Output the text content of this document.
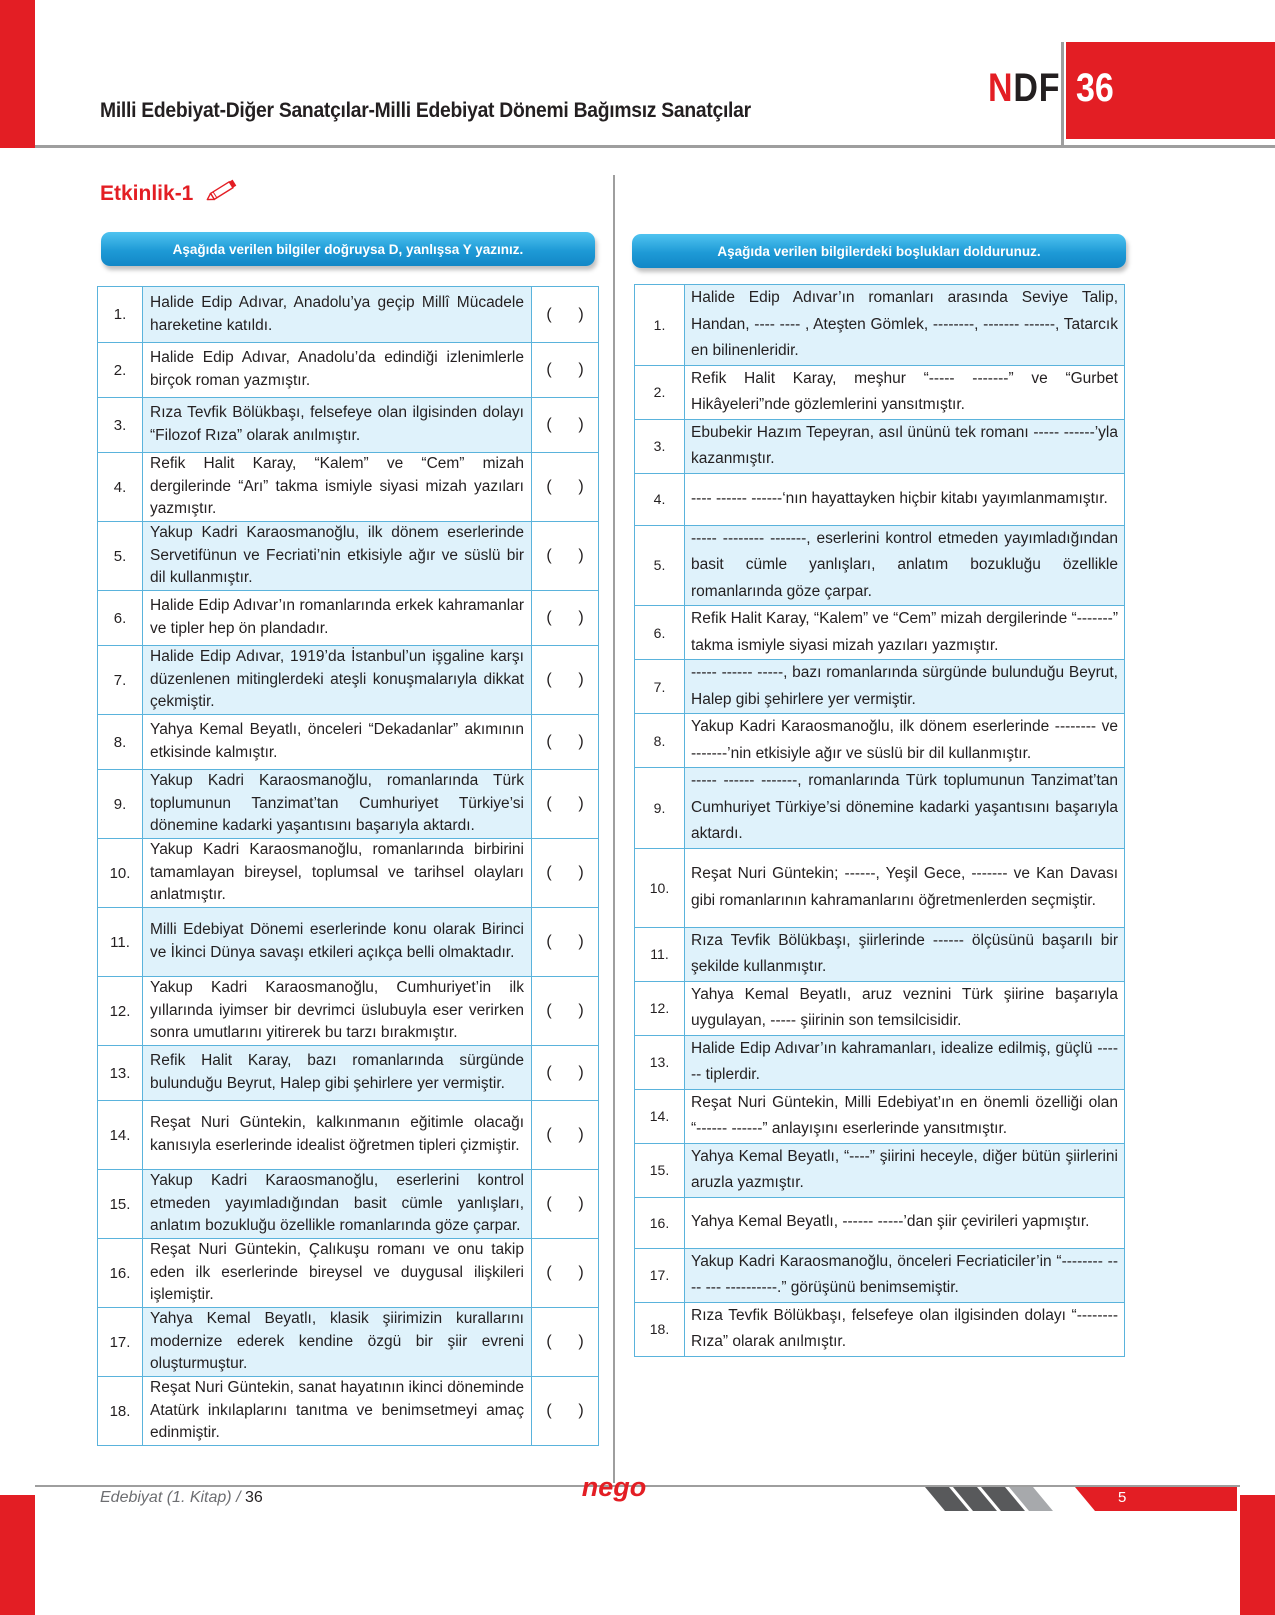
Milli Edebiyat-Diğer Sanatçılar-Milli Edebiyat Dönemi Bağımsız Sanatçılar
NDF 36
Etkinlik-1
Aşağıda verilen bilgiler doğruysa D, yanlışsa Y yazınız.	Aşağıda verilen bilgilerdeki boşlukları doldurunuz.
1.	Halide Edip Adıvar, Anadolu’ya geçip Millî Mücadele hareketine katıldı.	(      )
2.	Halide Edip Adıvar, Anadolu’da edindiği izlenimlerle birçok roman yazmıştır.	(      )
3.	Rıza Tevfik Bölükbaşı, felsefeye olan ilgisinden dolayı “Filozof Rıza” olarak anılmıştır.	(      )
4.	Refik Halit Karay, “Kalem” ve “Cem” mizah dergilerinde “Arı” takma ismiyle siyasi mizah yazıları yazmıştır.	(      )
5.	Yakup Kadri Karaosmanoğlu, ilk dönem eserlerinde Servetifünun ve Fecriati’nin etkisiyle ağır ve süslü bir dil kullanmıştır.	(      )
6.	Halide Edip Adıvar’ın romanlarında erkek kahramanlar ve tipler hep ön plandadır.	(      )
7.	Halide Edip Adıvar, 1919’da İstanbul’un işgaline karşı düzenlenen mitinglerdeki ateşli konuşmalarıyla dikkat çekmiştir.	(      )
8.	Yahya Kemal Beyatlı, önceleri “Dekadanlar” akımının etkisinde kalmıştır.	(      )
9.	Yakup Kadri Karaosmanoğlu, romanlarında Türk toplumunun Tanzimat’tan Cumhuriyet Türkiye’si dönemine kadarki yaşantısını başarıyla aktardı.	(      )
10.	Yakup Kadri Karaosmanoğlu, romanlarında birbirini tamamlayan bireysel, toplumsal ve tarihsel olayları anlatmıştır.	(      )
11.	Milli Edebiyat Dönemi eserlerinde konu olarak Birinci ve İkinci Dünya savaşı etkileri açıkça belli olmaktadır.	(      )
12.	Yakup Kadri Karaosmanoğlu, Cumhuriyet’in ilk yıllarında iyimser bir devrimci üslubuyla eser verirken sonra umutlarını yitirerek bu tarzı bırakmıştır.	(      )
13.	Refik Halit Karay, bazı romanlarında sürgünde bulunduğu Beyrut, Halep gibi şehirlere yer vermiştir.	(      )
14.	Reşat Nuri Güntekin, kalkınmanın eğitimle olacağı kanısıyla eserlerinde idealist öğretmen tipleri çizmiştir.	(      )
15.	Yakup Kadri Karaosmanoğlu, eserlerini kontrol etmeden yayımladığından basit cümle yanlışları, anlatım bozukluğu özellikle romanlarında göze çarpar.	(      )
16.	Reşat Nuri Güntekin, Çalıkuşu romanı ve onu takip eden ilk eserlerinde bireysel ve duygusal ilişkileri işlemiştir.	(      )
17.	Yahya Kemal Beyatlı, klasik şiirimizin kurallarını modernize ederek kendine özgü bir şiir evreni oluşturmuştur.	(      )
18.	Reşat Nuri Güntekin, sanat hayatının ikinci döneminde Atatürk inkılaplarını tanıtma ve benimsetmeyi amaç edinmiştir.	(      )
1.	Halide Edip Adıvar’ın romanları arasında Seviye Talip, Handan, ---- ---- , Ateşten Gömlek, --------, ------- ------, Tatarcık en bilinenleridir.
2.	Refik Halit Karay, meşhur “----- -------” ve “Gurbet Hikâyeleri”nde gözlemlerini yansıtmıştır.
3.	Ebubekir Hazım Tepeyran, asıl ününü tek romanı ----- ------’yla kazanmıştır.
4.	---- ------ ------‘nın hayattayken hiçbir kitabı yayımlanmamıştır.
5.	----- -------- -------, eserlerini kontrol etmeden yayımladığından basit cümle yanlışları, anlatım bozukluğu özellikle romanlarında göze çarpar.
6.	Refik Halit Karay, “Kalem” ve “Cem” mizah dergilerinde “-------” takma ismiyle siyasi mizah yazıları yazmıştır.
7.	----- ------ -----, bazı romanlarında sürgünde bulunduğu Beyrut, Halep gibi şehirlere yer vermiştir.
8.	Yakup Kadri Karaosmanoğlu, ilk dönem eserlerinde -------- ve -------’nin etkisiyle ağır ve süslü bir dil kullanmıştır.
9.	----- ------ -------, romanlarında Türk toplumunun Tanzimat’tan Cumhuriyet Türkiye’si dönemine kadarki yaşantısını başarıyla aktardı.
10.	Reşat Nuri Güntekin; ------, Yeşil Gece, ------- ve Kan Davası gibi romanlarının kahramanlarını öğretmenlerden seçmiştir.
11.	Rıza Tevfik Bölükbaşı, şiirlerinde ------ ölçüsünü başarılı bir şekilde kullanmıştır.
12.	Yahya Kemal Beyatlı, aruz veznini Türk şiirine başarıyla uygulayan, ----- şiirinin son temsilcisidir.
13.	Halide Edip Adıvar’ın kahramanları, idealize edilmiş, güçlü ------ tiplerdir.
14.	Reşat Nuri Güntekin, Milli Edebiyat’ın en önemli özelliği olan “------ ------” anlayışını eserlerinde yansıtmıştır.
15.	Yahya Kemal Beyatlı, “----” şiirini heceyle, diğer bütün şiirlerini aruzla yazmıştır.
16.	Yahya Kemal Beyatlı, ------ -----’dan şiir çevirileri yapmıştır.
17.	Yakup Kadri Karaosmanoğlu, önceleri Fecriaticiler’in “-------- ---- --- ----------.” görüşünü benimsemiştir.
18.	Rıza Tevfik Bölükbaşı, felsefeye olan ilgisinden dolayı “-------- Rıza” olarak anılmıştır.
Edebiyat (1. Kitap) / 36	nego	5
